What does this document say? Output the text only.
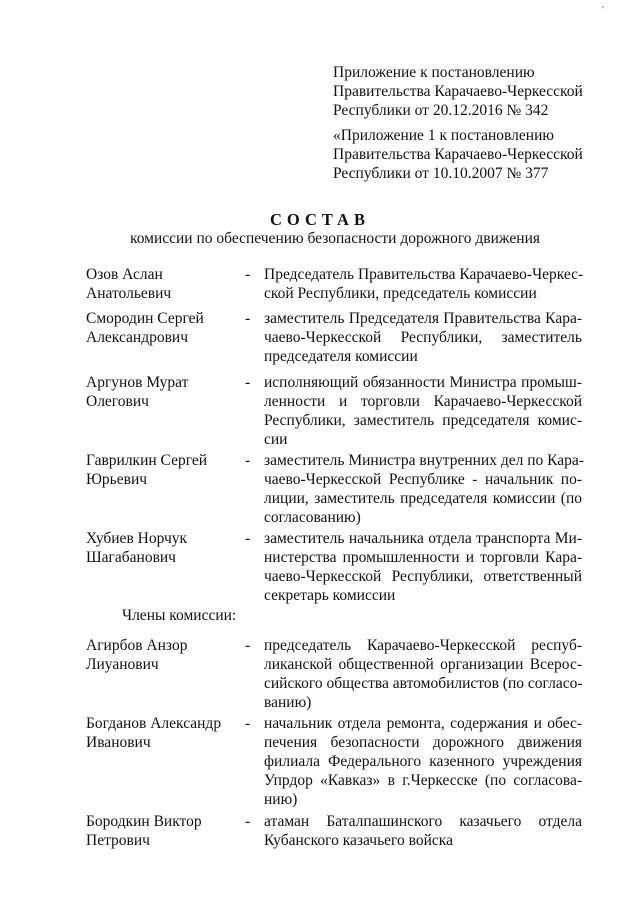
'
Приложение к постановлению
Правительства Карачаево-Черкесской
Республики от 20.12.2016 № 342
«Приложение 1 к постановлению
Правительства Карачаево-Черкесской
Республики от 10.10.2007 № 377
СОСТАВ
комиссии по обеспечению безопасности дорожного движения
Озов Аслан
Анатольевич
- Председатель Правительства Карачаево-Черкес-
ской Республики, председатель комиссии
Смородин Сергей
Александрович
- заместитель Председателя Правительства Кара-
чаево-Черкесской Республики, заместитель
председателя комиссии
Аргунов Мурат
Олегович
- исполняющий обязанности Министра промыш-
ленности и торговли Карачаево-Черкесской
Республики, заместитель председателя комис-
сии
Гаврилкин Сергей
Юрьевич
- заместитель Министра внутренних дел по Кара-
чаево-Черкесской Республике - начальник по-
лиции, заместитель председателя комиссии (по
согласованию)
Хубиев Норчук
Шагабанович
- заместитель начальника отдела транспорта Ми-
нистерства промышленности и торговли Кара-
чаево-Черкесской Республики, ответственный
секретарь комиссии
Члены комиссии:
Агирбов Анзор
Лиуанович
- председатель Карачаево-Черкесской респуб-
ликанской общественной организации Всерос-
сийского общества автомобилистов (по согласо-
ванию)
Богданов Александр
Иванович
- начальник отдела ремонта, содержания и обес-
печения безопасности дорожного движения
филиала Федерального казенного учреждения
Упрдор «Кавказ» в г.Черкесске (по согласова-
нию)
Бородкин Виктор
Петрович
- атаман Баталпашинского казачьего отдела
Кубанского казачьего войска
